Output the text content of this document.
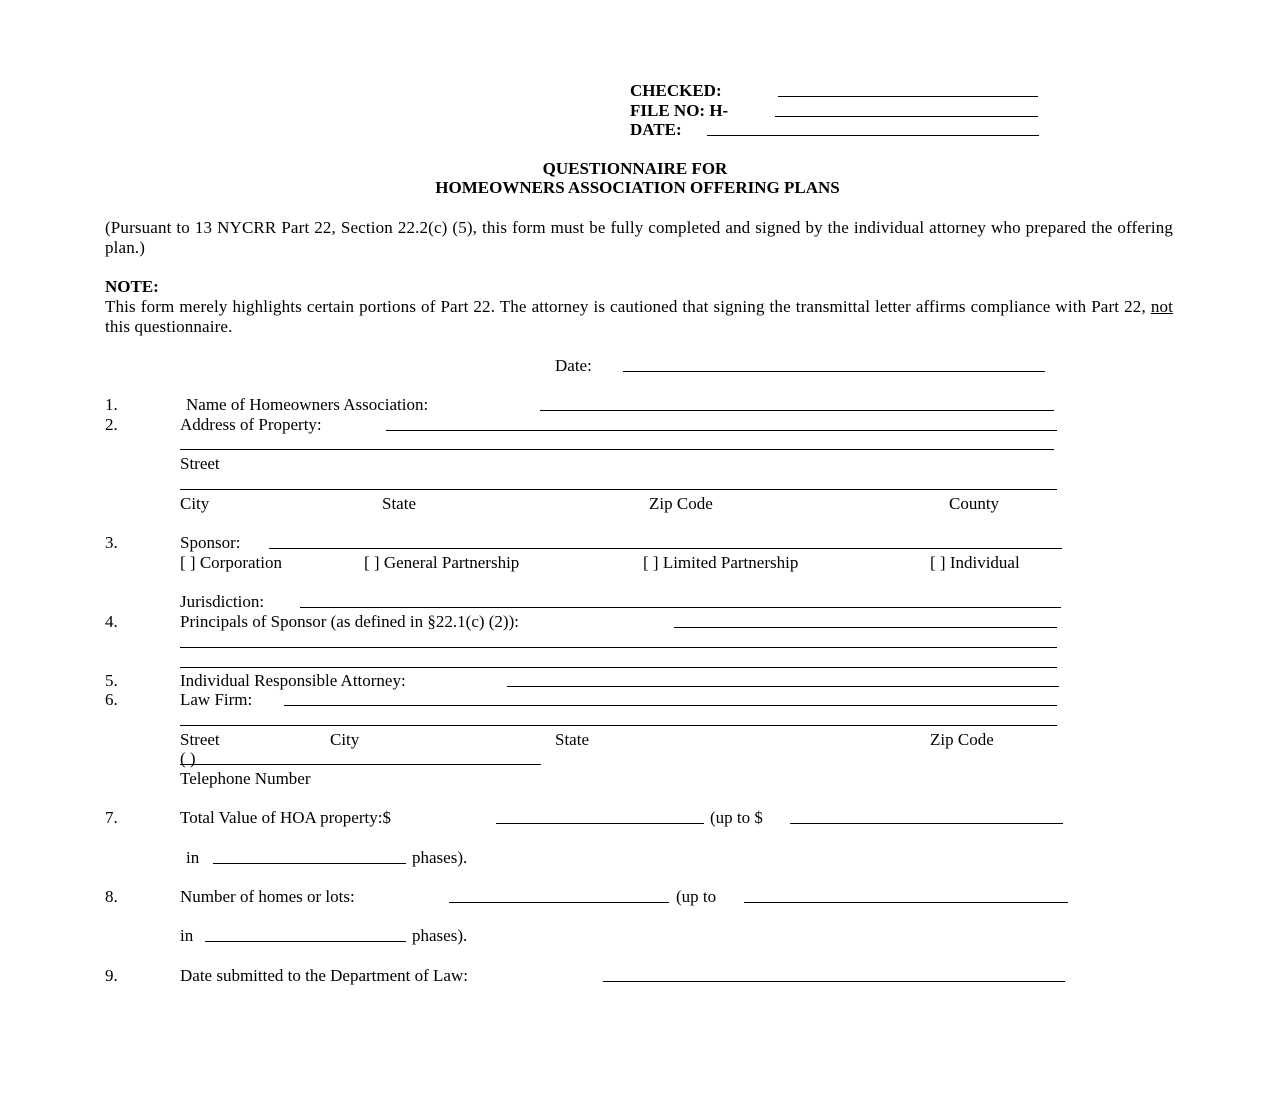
CHECKED:
FILE NO: H-
DATE:
QUESTIONNAIRE FOR
HOMEOWNERS ASSOCIATION OFFERING PLANS
(Pursuant to 13 NYCRR Part 22, Section 22.2(c) (5), this form must be fully completed and signed by the individual attorney who prepared the offering plan.)
NOTE:
This form merely highlights certain portions of Part 22. The attorney is cautioned that signing the transmittal letter affirms compliance with Part 22, not this questionnaire.
Date:
1.	Name of Homeowners Association:
2.	Address of Property:
Street
City	State	Zip Code	County
3.	Sponsor:
[ ] Corporation	[ ] General Partnership	[ ] Limited Partnership	[ ] Individual
Jurisdiction:
4.	Principals of Sponsor (as defined in §22.1(c) (2)):
5.	Individual Responsible Attorney:
6.	Law Firm:
Street	City	State	Zip Code
( )
Telephone Number
7.	Total Value of HOA property:$	(up to $
in	phases).
8.	Number of homes or lots:	(up to
in	phases).
9.	Date submitted to the Department of Law:
